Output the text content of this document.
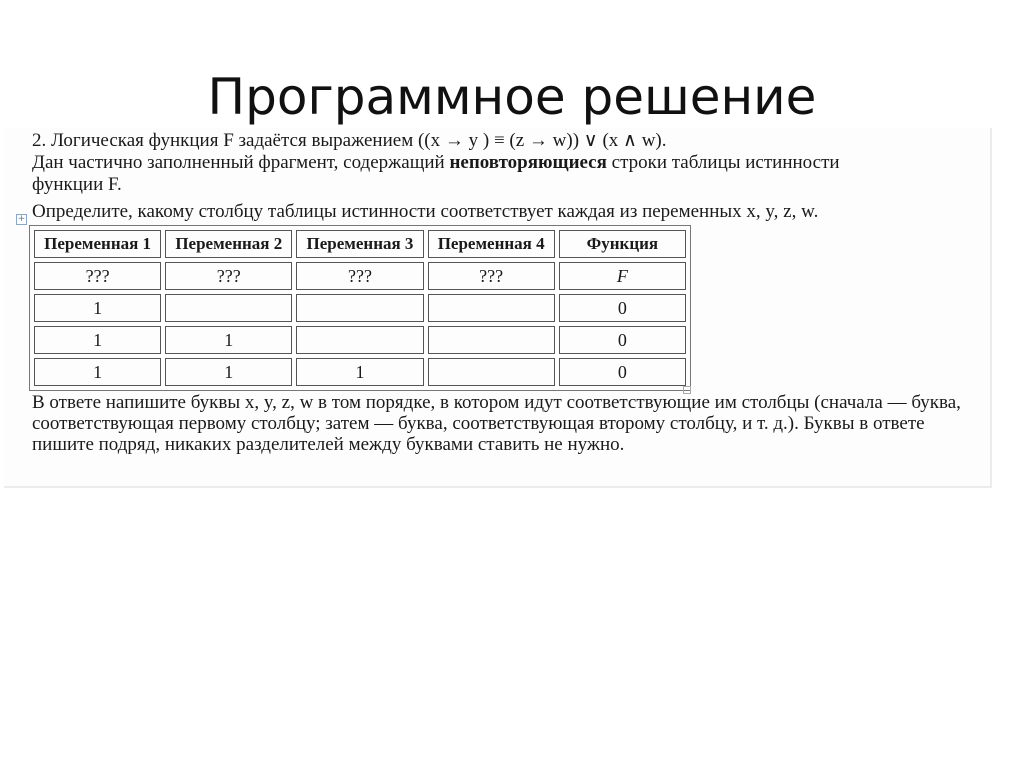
Программное решение

2. Логическая функция F задаётся выражением ((x → y ) ≡ (z → w)) ∨ (x ∧ w).

Дан частично заполненный фрагмент, содержащий неповторяющиеся строки таблицы истинности

функции F.

Определите, какому столбцу таблицы истинности соответствует каждая из переменных x, y, z, w.

+
Переменная 1	Переменная 2	Переменная 3	Переменная 4	Функция
???	???	???	???	F
1				0
1	1			0
1	1	1		0

В ответе напишите буквы x, y, z, w в том порядке, в котором идут соответствующие им столбцы (сначала — буква, соответствующая первому столбцу; затем — буква, соответствующая второму столбцу, и т. д.). Буквы в ответе пишите подряд, никаких разделителей между буквами ставить не нужно.
